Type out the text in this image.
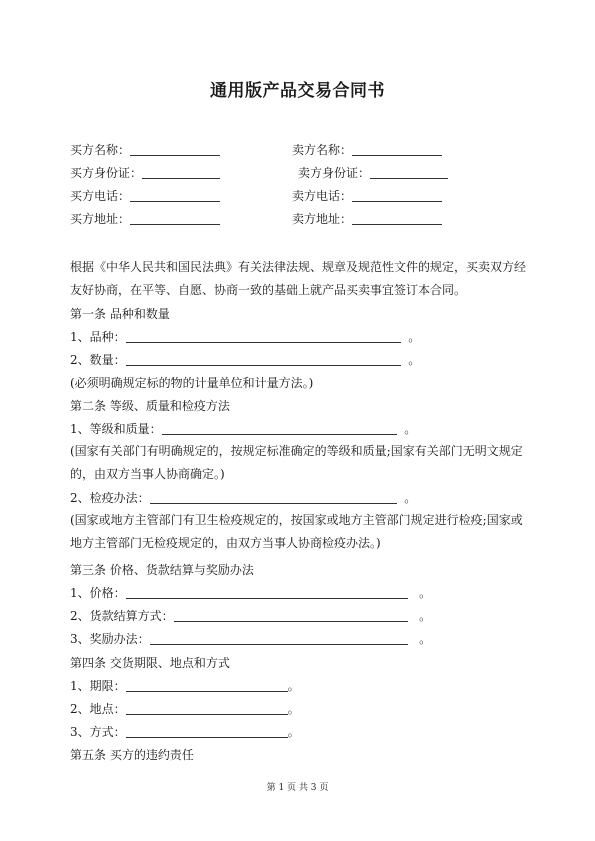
通用版产品交易合同书
买方名称：	卖方名称：
买方身份证：	卖方身份证：
买方电话：	卖方电话：
买方地址：	卖方地址：
根据《中华人民共和国民法典》有关法律法规、规章及规范性文件的规定，买卖双方经友好协商，在平等、自愿、协商一致的基础上就产品买卖事宜签订本合同。
第一条 品种和数量
1、品种：	。
2、数量：	。
(必须明确规定标的物的计量单位和计量方法。)
第二条 等级、质量和检疫方法
1、等级和质量：	。
(国家有关部门有明确规定的，按规定标准确定的等级和质量;国家有关部门无明文规定的，由双方当事人协商确定。)
2、检疫办法：	。
(国家或地方主管部门有卫生检疫规定的，按国家或地方主管部门规定进行检疫;国家或地方主管部门无检疫规定的，由双方当事人协商检疫办法。)
第三条 价格、货款结算与奖励办法
1、价格：	。
2、货款结算方式：	。
3、奖励办法：	。
第四条 交货期限、地点和方式
1、期限：	。
2、地点：	。
3、方式：	。
第五条 买方的违约责任
第 1 页 共 3 页
